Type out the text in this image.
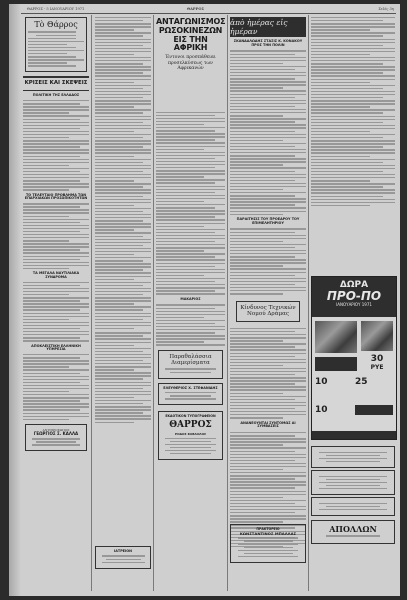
ΘΑΡΡΟΣ - 5 ΙΑΝΟΥΑΡΙΟΥ 1971	ΘΑΡΡΟΣ	Σελίς 3η
Τὸ Θάρρος
ΚΡΙΣΕΙΣ ΚΑΙ ΣΚΕΨΕΙΣ
ΠΟΛΙΤΙΚΗ ΤΗΣ ΕΛΛΑΔΟΣ
ΤΟ ΤΕΛΕΥΤΑΙΟ ΠΡΟΒΛΗΜΑ ΤΩΝ ΕΠΑΡΧΙΑΚΩΝ ΠΡΟΣΩΠΙΚΟΤΗΤΩΝ
ΤΑ ΜΕΓΑΛΑ ΝΑΥΤΙΛΙΑΚΑ ΣΥΝΔΡΟΜΑ
ΑΠΟΚΛΕΙΣΤΙΚΗ ΕΛΛΗΝΙΚΗ ΥΠΗΡΕΣΙΑ
ΑΝΤΙΠΡΟΣΩΠΟΣ
ΓΕΩΡΓΙΟΣ Σ. ΚΑΛΛΑ
ΑΝΤΑΓΩΝΙΣΜΟΣ ΡΩΣΟΚΙΝΕΖΩΝ ΕΙΣ ΤΗΝ ΑΦΡΙΚΗ
Έντονοι προσπάθειαι προσελκύσεως των Αφρικανών
ΜΑΚΑΡΙΟΣ
Παραθαλάσσια Διαμερίσματα
ΕΛΕΥΘΕΡΙΟΣ Χ. ΣΤΕΦΑΝΙΔΗΣ
ΕΚΔΟΤΙΚΟΝ ΤΥΠΟΓΡΑΦΕΙΟΝ
ΘΑΡΡΟΣ
ΡΟΔΟΣ ΚΑΒΑΛΛΟΣ
ἀπὸ ἡμέρας εἰς ἡμέραν
ΣΚΑΝΔΑΛΩΔΗΣ ΣΤΑΣΙΣ Κ. ΚΟΝΑΚΟΥ ΠΡΟΣ ΤΗΝ ΠΟΛΙΝ
ΠΑΡΑΙΤΗΣΙΣ ΤΟΥ ΠΡΟΕΔΡΟΥ ΤΟΥ ΕΠΙΜΕΛΗΤΗΡΙΟΥ
Κίνδυνος Τεχνικών Νομού Δράμας
ΑΝΑΝΕΟΥΝΤΑΙ ΣΥΝΤΟΜΩΣ ΑΙ ΣΥΜΒΑΣΕΙΣ
ΔΩΡΑ
ΠΡΟ-ΠΟ
ΙΑΝΟΥΑΡΙΟΥ 1971
30
ΡΥΕ
10	25
10
ΑΠΟΛΛΩΝ
ΠΡΑΚΤΟΡΕΙΟ
ΚΩΝΣΤΑΝΤΙΝΟΣ ΜΠΑΛΛΑΣ
ΙΑΤΡΕΙΟΝ
